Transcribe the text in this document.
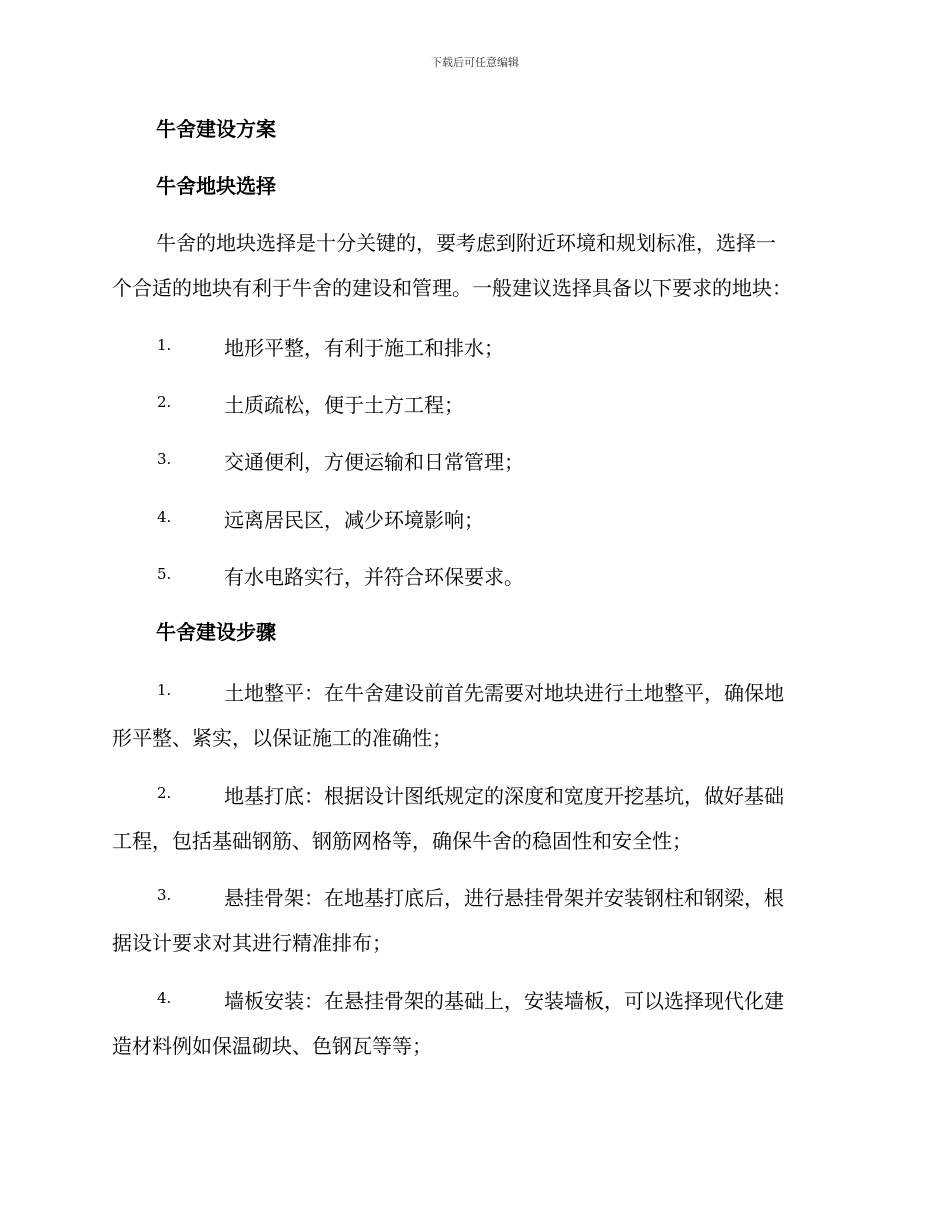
下载后可任意编辑
牛舍建设方案
牛舍地块选择
牛舍的地块选择是十分关键的，要考虑到附近环境和规划标准，选择一
个合适的地块有利于牛舍的建设和管理。一般建议选择具备以下要求的地块：
1.	地形平整，有利于施工和排水；
2.	土质疏松，便于土方工程；
3.	交通便利，方便运输和日常管理；
4.	远离居民区，减少环境影响；
5.	有水电路实行，并符合环保要求。
牛舍建设步骤
1.	土地整平：在牛舍建设前首先需要对地块进行土地整平，确保地
形平整、紧实，以保证施工的准确性；
2.	地基打底：根据设计图纸规定的深度和宽度开挖基坑，做好基础
工程，包括基础钢筋、钢筋网格等，确保牛舍的稳固性和安全性；
3.	悬挂骨架：在地基打底后，进行悬挂骨架并安装钢柱和钢梁，根
据设计要求对其进行精准排布；
4.	墙板安装：在悬挂骨架的基础上，安装墙板，可以选择现代化建
造材料例如保温砌块、色钢瓦等等；
